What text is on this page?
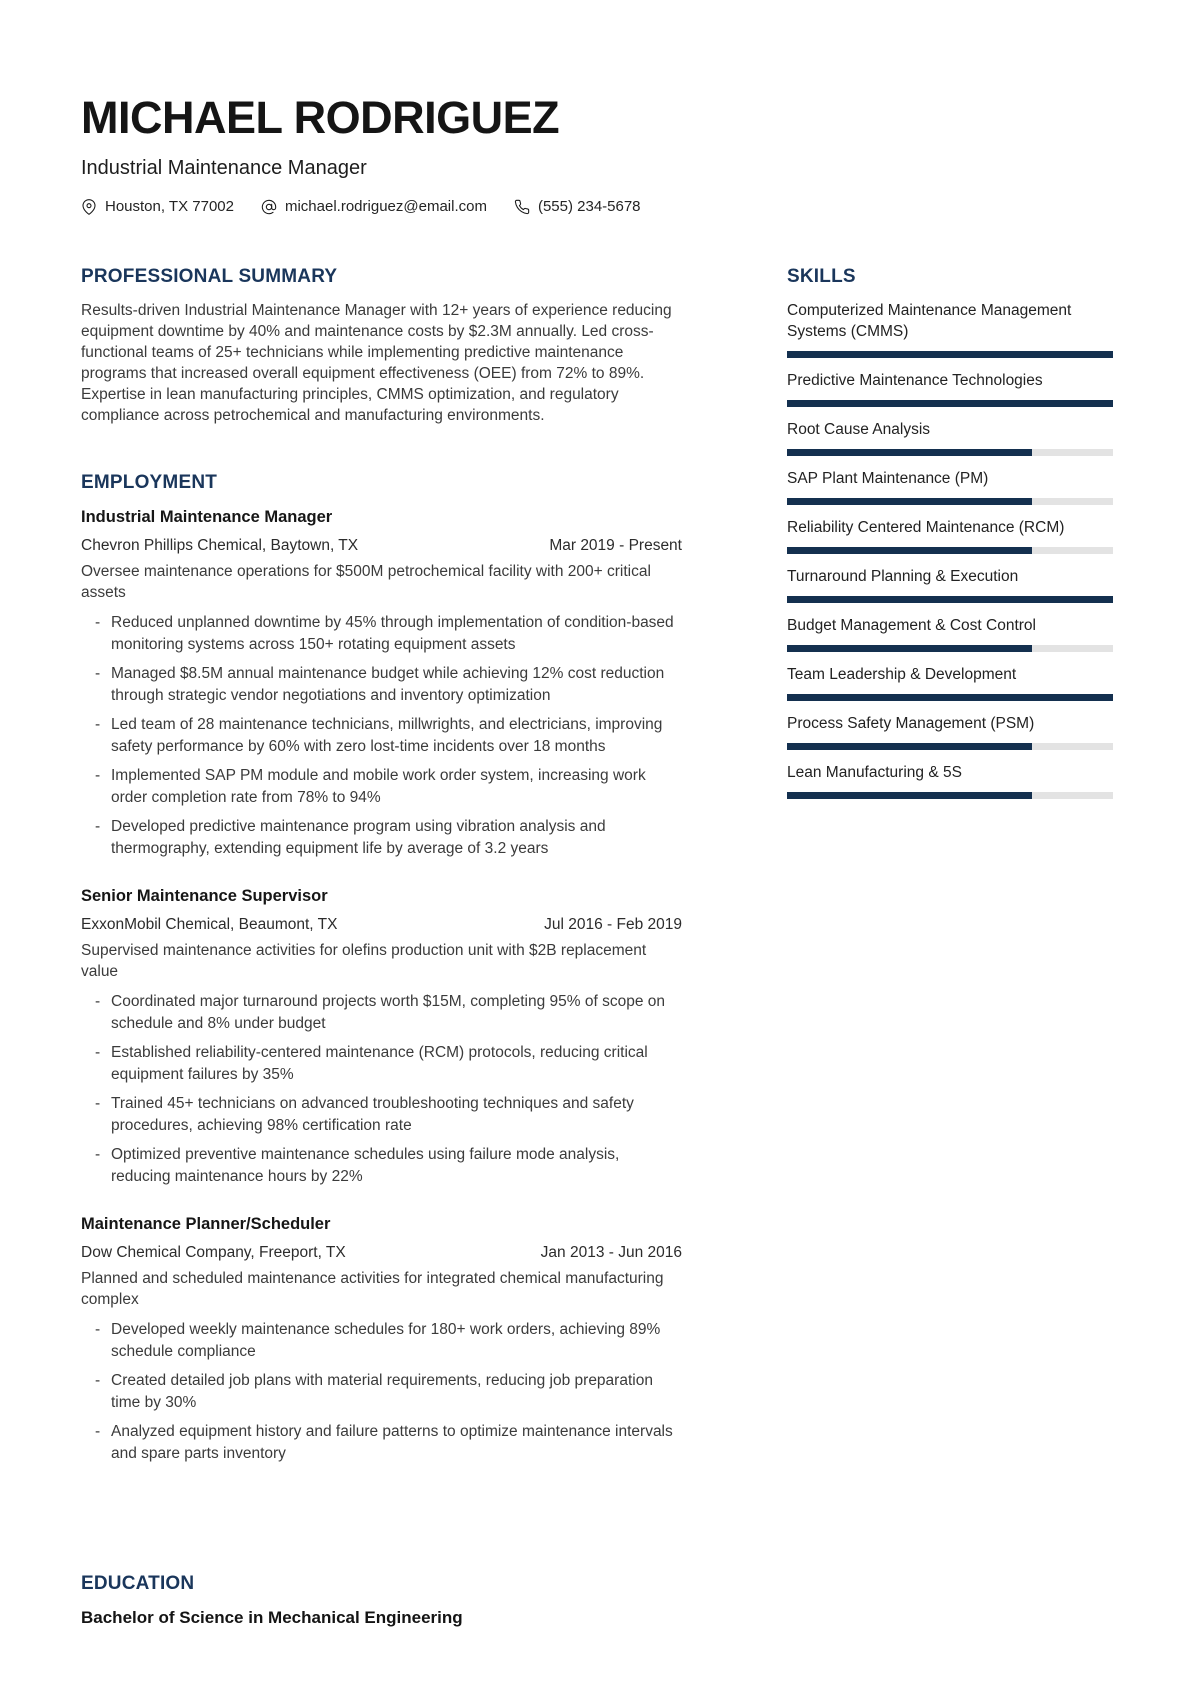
MICHAEL RODRIGUEZ
Industrial Maintenance Manager
Houston, TX 77002	michael.rodriguez@email.com	(555) 234-5678
PROFESSIONAL SUMMARY

Results-driven Industrial Maintenance Manager with 12+ years of experience reducing equipment downtime by 40% and maintenance costs by $2.3M annually. Led cross-functional teams of 25+ technicians while implementing predictive maintenance programs that increased overall equipment effectiveness (OEE) from 72% to 89%. Expertise in lean manufacturing principles, CMMS optimization, and regulatory compliance across petrochemical and manufacturing environments.

EMPLOYMENT
Industrial Maintenance Manager
Chevron Phillips Chemical, Baytown, TX	Mar 2019 - Present
Oversee maintenance operations for $500M petrochemical facility with 200+ critical assets
- Reduced unplanned downtime by 45% through implementation of condition-based monitoring systems across 150+ rotating equipment assets
- Managed $8.5M annual maintenance budget while achieving 12% cost reduction through strategic vendor negotiations and inventory optimization
- Led team of 28 maintenance technicians, millwrights, and electricians, improving safety performance by 60% with zero lost-time incidents over 18 months
- Implemented SAP PM module and mobile work order system, increasing work order completion rate from 78% to 94%
- Developed predictive maintenance program using vibration analysis and thermography, extending equipment life by average of 3.2 years
Senior Maintenance Supervisor
ExxonMobil Chemical, Beaumont, TX	Jul 2016 - Feb 2019
Supervised maintenance activities for olefins production unit with $2B replacement value
- Coordinated major turnaround projects worth $15M, completing 95% of scope on schedule and 8% under budget
- Established reliability-centered maintenance (RCM) protocols, reducing critical equipment failures by 35%
- Trained 45+ technicians on advanced troubleshooting techniques and safety procedures, achieving 98% certification rate
- Optimized preventive maintenance schedules using failure mode analysis, reducing maintenance hours by 22%
Maintenance Planner/Scheduler
Dow Chemical Company, Freeport, TX	Jan 2013 - Jun 2016
Planned and scheduled maintenance activities for integrated chemical manufacturing complex
- Developed weekly maintenance schedules for 180+ work orders, achieving 89% schedule compliance
- Created detailed job plans with material requirements, reducing job preparation time by 30%
- Analyzed equipment history and failure patterns to optimize maintenance intervals and spare parts inventory
EDUCATION
Bachelor of Science in Mechanical Engineering
SKILLS
Computerized Maintenance Management Systems (CMMS)
Predictive Maintenance Technologies
Root Cause Analysis
SAP Plant Maintenance (PM)
Reliability Centered Maintenance (RCM)
Turnaround Planning & Execution
Budget Management & Cost Control
Team Leadership & Development
Process Safety Management (PSM)
Lean Manufacturing & 5S
